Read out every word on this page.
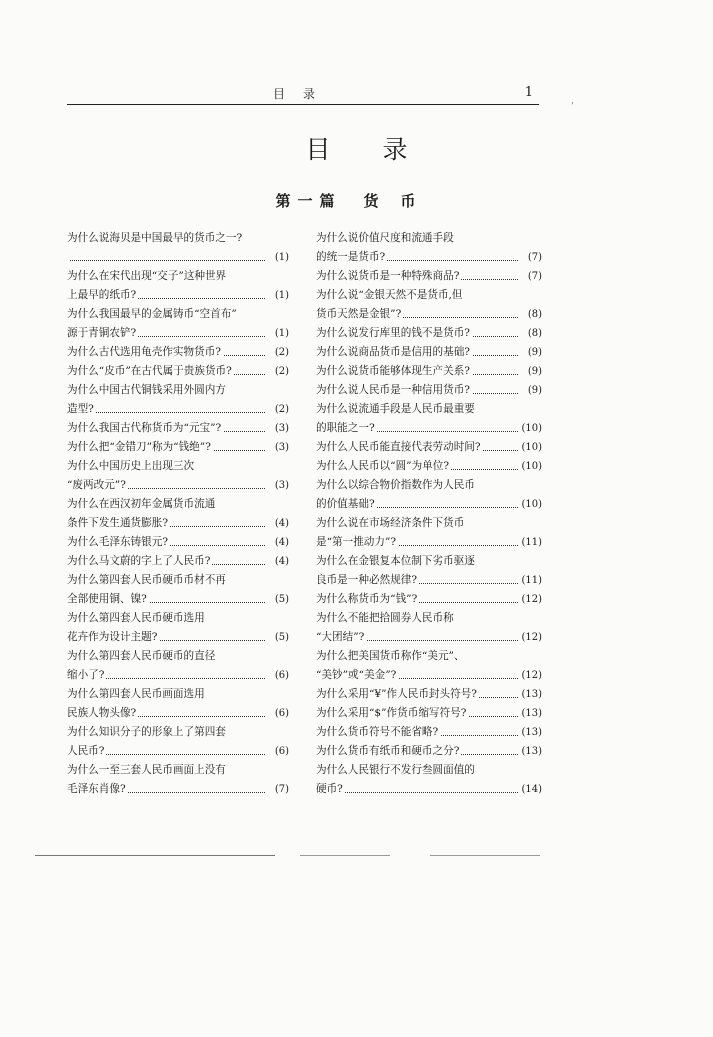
目录	1
目录
第一篇 货币
为什么说海贝是中国最早的货币之一?
(1)
为什么在宋代出现“交子”这种世界
上最早的纸币?	(1)
为什么我国最早的金属铸币“空首布”
源于青铜农铲?	(1)
为什么古代选用龟壳作实物货币?	(2)
为什么“皮币”在古代属于贵族货币?	(2)
为什么中国古代铜钱采用外圆内方
造型?	(2)
为什么我国古代称货币为“元宝”?	(3)
为什么把“金错刀”称为“钱绝”?	(3)
为什么中国历史上出现三次
“废两改元”?	(3)
为什么在西汉初年金属货币流通
条件下发生通货膨胀?	(4)
为什么毛泽东铸银元?	(4)
为什么马文蔚的字上了人民币?	(4)
为什么第四套人民币硬币币材不再
全部使用铜、镍?	(5)
为什么第四套人民币硬币选用
花卉作为设计主题?	(5)
为什么第四套人民币硬币的直径
缩小了?	(6)
为什么第四套人民币画面选用
民族人物头像?	(6)
为什么知识分子的形象上了第四套
人民币?	(6)
为什么一至三套人民币画面上没有
毛泽东肖像?	(7)
为什么说价值尺度和流通手段
的统一是货币?	(7)
为什么说货币是一种特殊商品?	(7)
为什么说“金银天然不是货币,但
货币天然是金银”?	(8)
为什么说发行库里的钱不是货币?	(8)
为什么说商品货币是信用的基础?	(9)
为什么说货币能够体现生产关系?	(9)
为什么说人民币是一种信用货币?	(9)
为什么说流通手段是人民币最重要
的职能之一?	(10)
为什么人民币能直接代表劳动时间?	(10)
为什么人民币以“圆”为单位?	(10)
为什么以综合物价指数作为人民币
的价值基础?	(10)
为什么说在市场经济条件下货币
是“第一推动力”?	(11)
为什么在金银复本位制下劣币驱逐
良币是一种必然规律?	(11)
为什么称货币为“钱”?	(12)
为什么不能把拾圆券人民币称
“大团结”?	(12)
为什么把美国货币称作“美元”、
“美钞”或“美金”?	(12)
为什么采用“¥”作人民币封头符号?	(13)
为什么采用“$”作货币缩写符号?	(13)
为什么货币符号不能省略?	(13)
为什么货币有纸币和硬币之分?	(13)
为什么人民银行不发行叁圆面值的
硬币?	(14)
,
